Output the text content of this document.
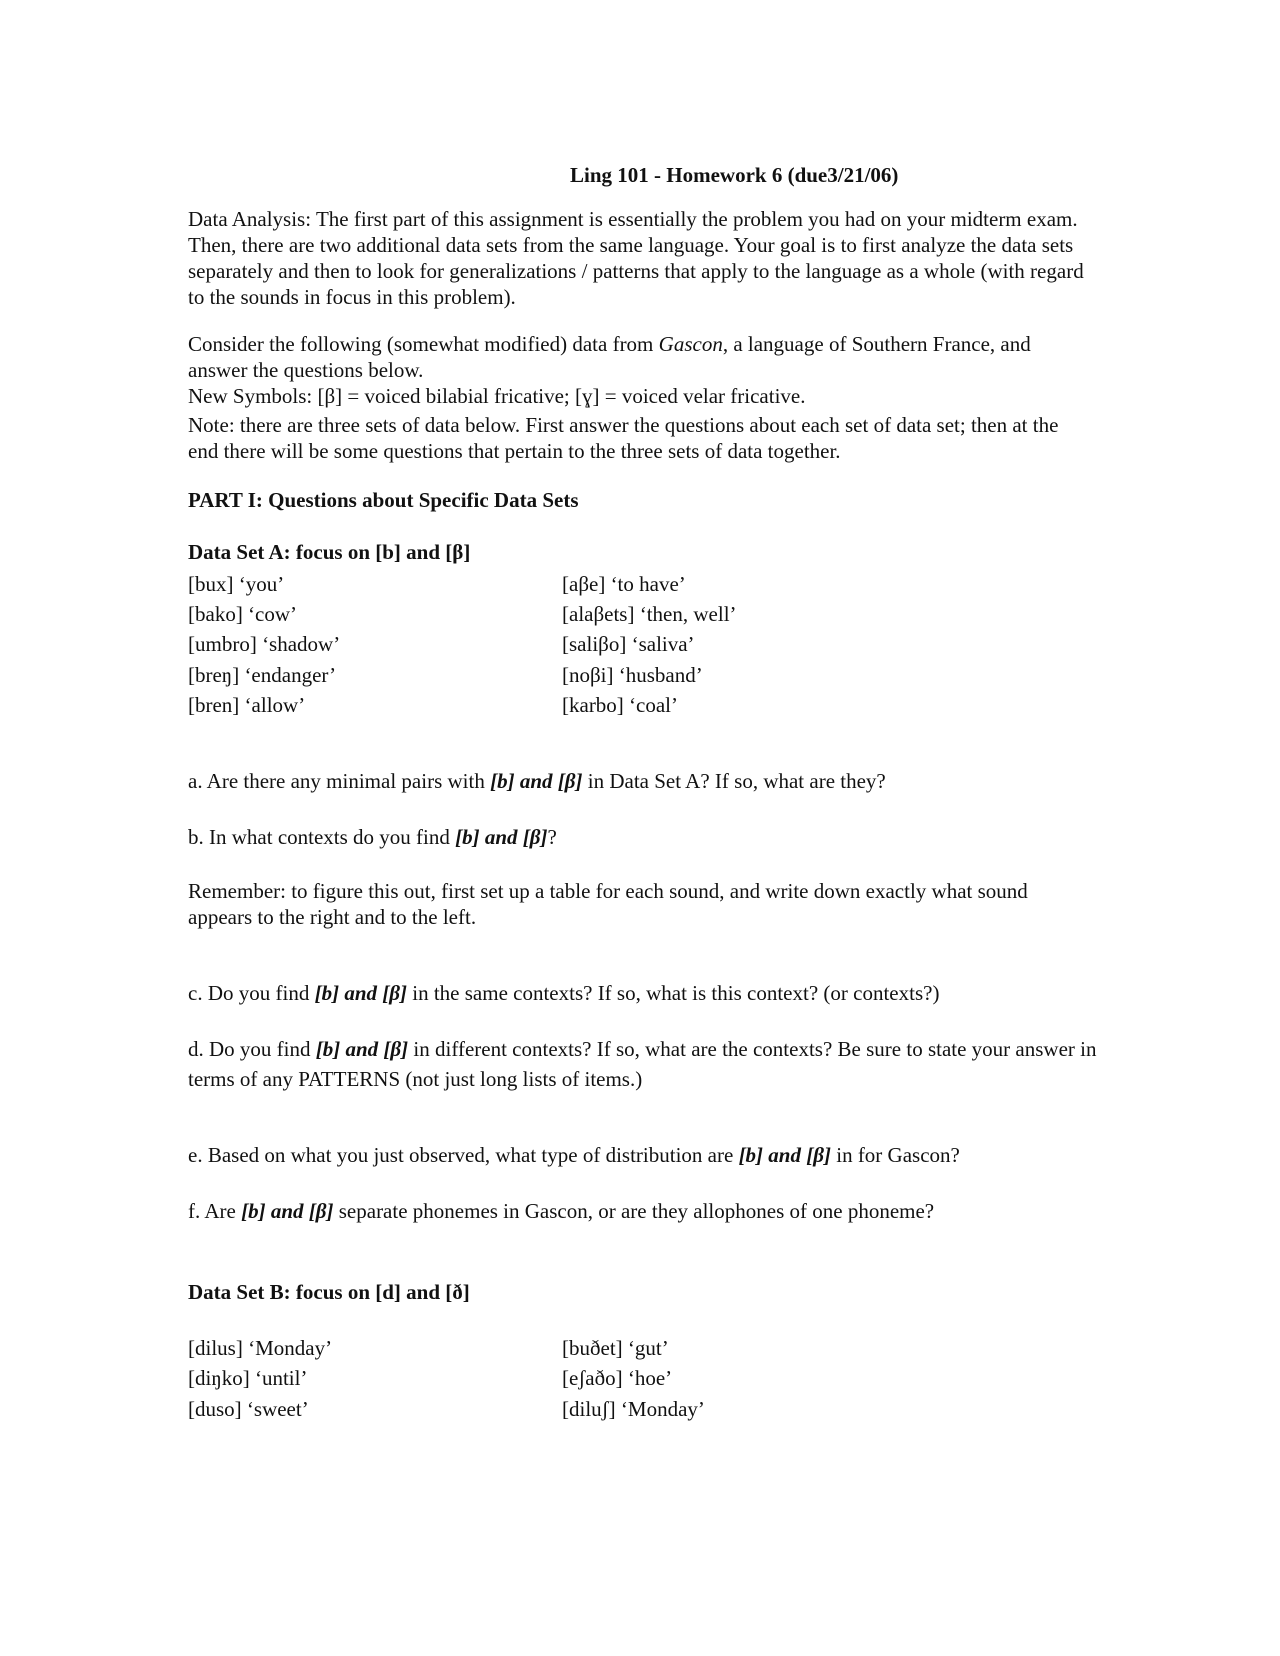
Ling 101 - Homework 6 (due3/21/06)

Data Analysis: The first part of this assignment is essentially the problem you had on your midterm exam. Then, there are two additional data sets from the same language. Your goal is to first analyze the data sets separately and then to look for generalizations / patterns that apply to the language as a whole (with regard to the sounds in focus in this problem).

Consider the following (somewhat modified) data from Gascon, a language of Southern France, and answer the questions below.

New Symbols: [β] = voiced bilabial fricative; [ɣ] = voiced velar fricative.
Note: there are three sets of data below. First answer the questions about each set of data set; then at the end there will be some questions that pertain to the three sets of data together.
PART I: Questions about Specific Data Sets
Data Set A: focus on [b] and [β]
[bux] ‘you’
[bako] ‘cow’
[umbro] ‘shadow’
[breŋ] ‘endanger’
[bren] ‘allow’
[aβe] ‘to have’
[alaβets] ‘then, well’
[saliβo] ‘saliva’
[noβi] ‘husband’
[karbo] ‘coal’
a. Are there any minimal pairs with [b] and [β] in Data Set A? If so, what are they?
b. In what contexts do you find [b] and [β]?
Remember: to figure this out, first set up a table for each sound, and write down exactly what sound appears to the right and to the left.
c. Do you find [b] and [β] in the same contexts? If so, what is this context? (or contexts?)
d. Do you find [b] and [β] in different contexts? If so, what are the contexts? Be sure to state your answer in terms of any PATTERNS (not just long lists of items.)
e. Based on what you just observed, what type of distribution are [b] and [β] in for Gascon?
f. Are [b] and [β] separate phonemes in Gascon, or are they allophones of one phoneme?
Data Set B: focus on [d] and [ð]
[dilus] ‘Monday’
[diŋko] ‘until’
[duso] ‘sweet’
[buðet] ‘gut’
[eʃaðo] ‘hoe’
[diluʃ] ‘Monday’
